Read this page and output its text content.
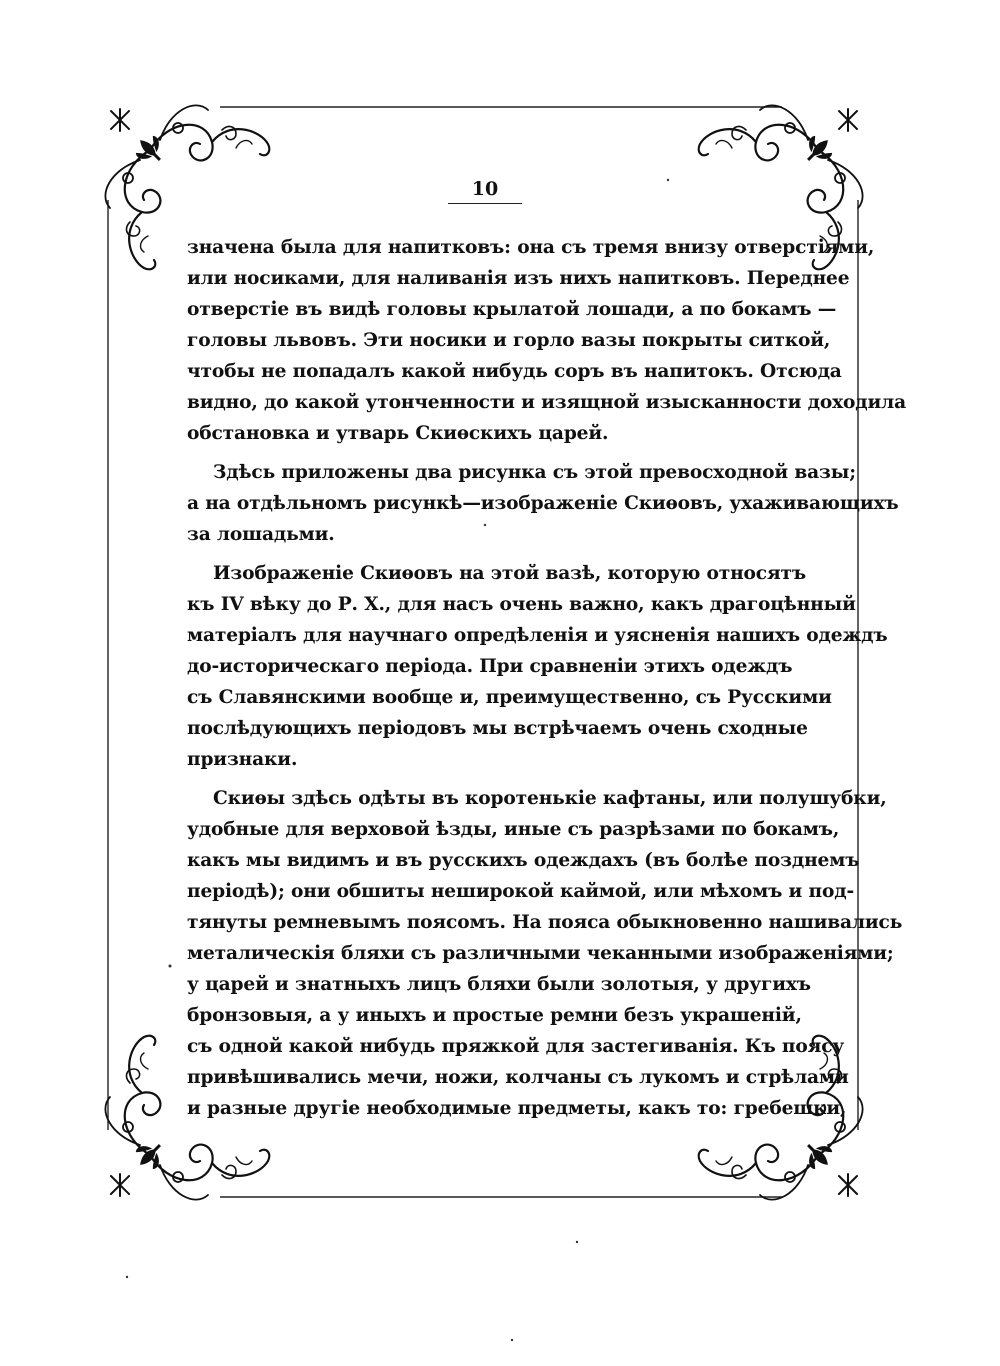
10
значена была для напитковъ: она съ тремя внизу отверстіями,
или носиками, для наливанія изъ нихъ напитковъ. Переднее
отверстіе въ видѣ головы крылатой лошади, а по бокамъ —
головы львовъ. Эти носики и горло вазы покрыты ситкой,
чтобы не попадалъ какой нибудь соръ въ напитокъ. Отсюда
видно, до какой утонченности и изящной изысканности доходила
обстановка и утварь Скиѳскихъ царей.
Здѣсь приложены два рисунка съ этой превосходной вазы;
а на отдѣльномъ рисункѣ—изображеніе Скиѳовъ, ухаживающихъ
за лошадьми.
Изображеніе Скиѳовъ на этой вазѣ, которую относятъ
къ IV вѣку до Р. Х., для насъ очень важно, какъ драгоцѣнный
матеріалъ для научнаго опредѣленія и уясненія нашихъ одеждъ
до-историческаго періода. При сравненіи этихъ одеждъ
съ Славянскими вообще и, преимущественно, съ Русскими
послѣдующихъ періодовъ мы встрѣчаемъ очень сходные
признаки.
Скиѳы здѣсь одѣты въ коротенькіе кафтаны, или полушубки,
удобные для верховой ѣзды, иные съ разрѣзами по бокамъ,
какъ мы видимъ и въ русскихъ одеждахъ (въ болѣе позднемъ
періодѣ); они обшиты неширокой каймой, или мѣхомъ и под-
тянуты ремневымъ поясомъ. На пояса обыкновенно нашивались
металическія бляхи съ различными чеканными изображеніями;
у царей и знатныхъ лицъ бляхи были золотыя, у другихъ
бронзовыя, а у иныхъ и простые ремни безъ украшеній,
съ одной какой нибудь пряжкой для застегиванія. Къ поясу
привѣшивались мечи, ножи, колчаны съ лукомъ и стрѣлами
и разные другіе необходимые предметы, какъ то: гребешки,
